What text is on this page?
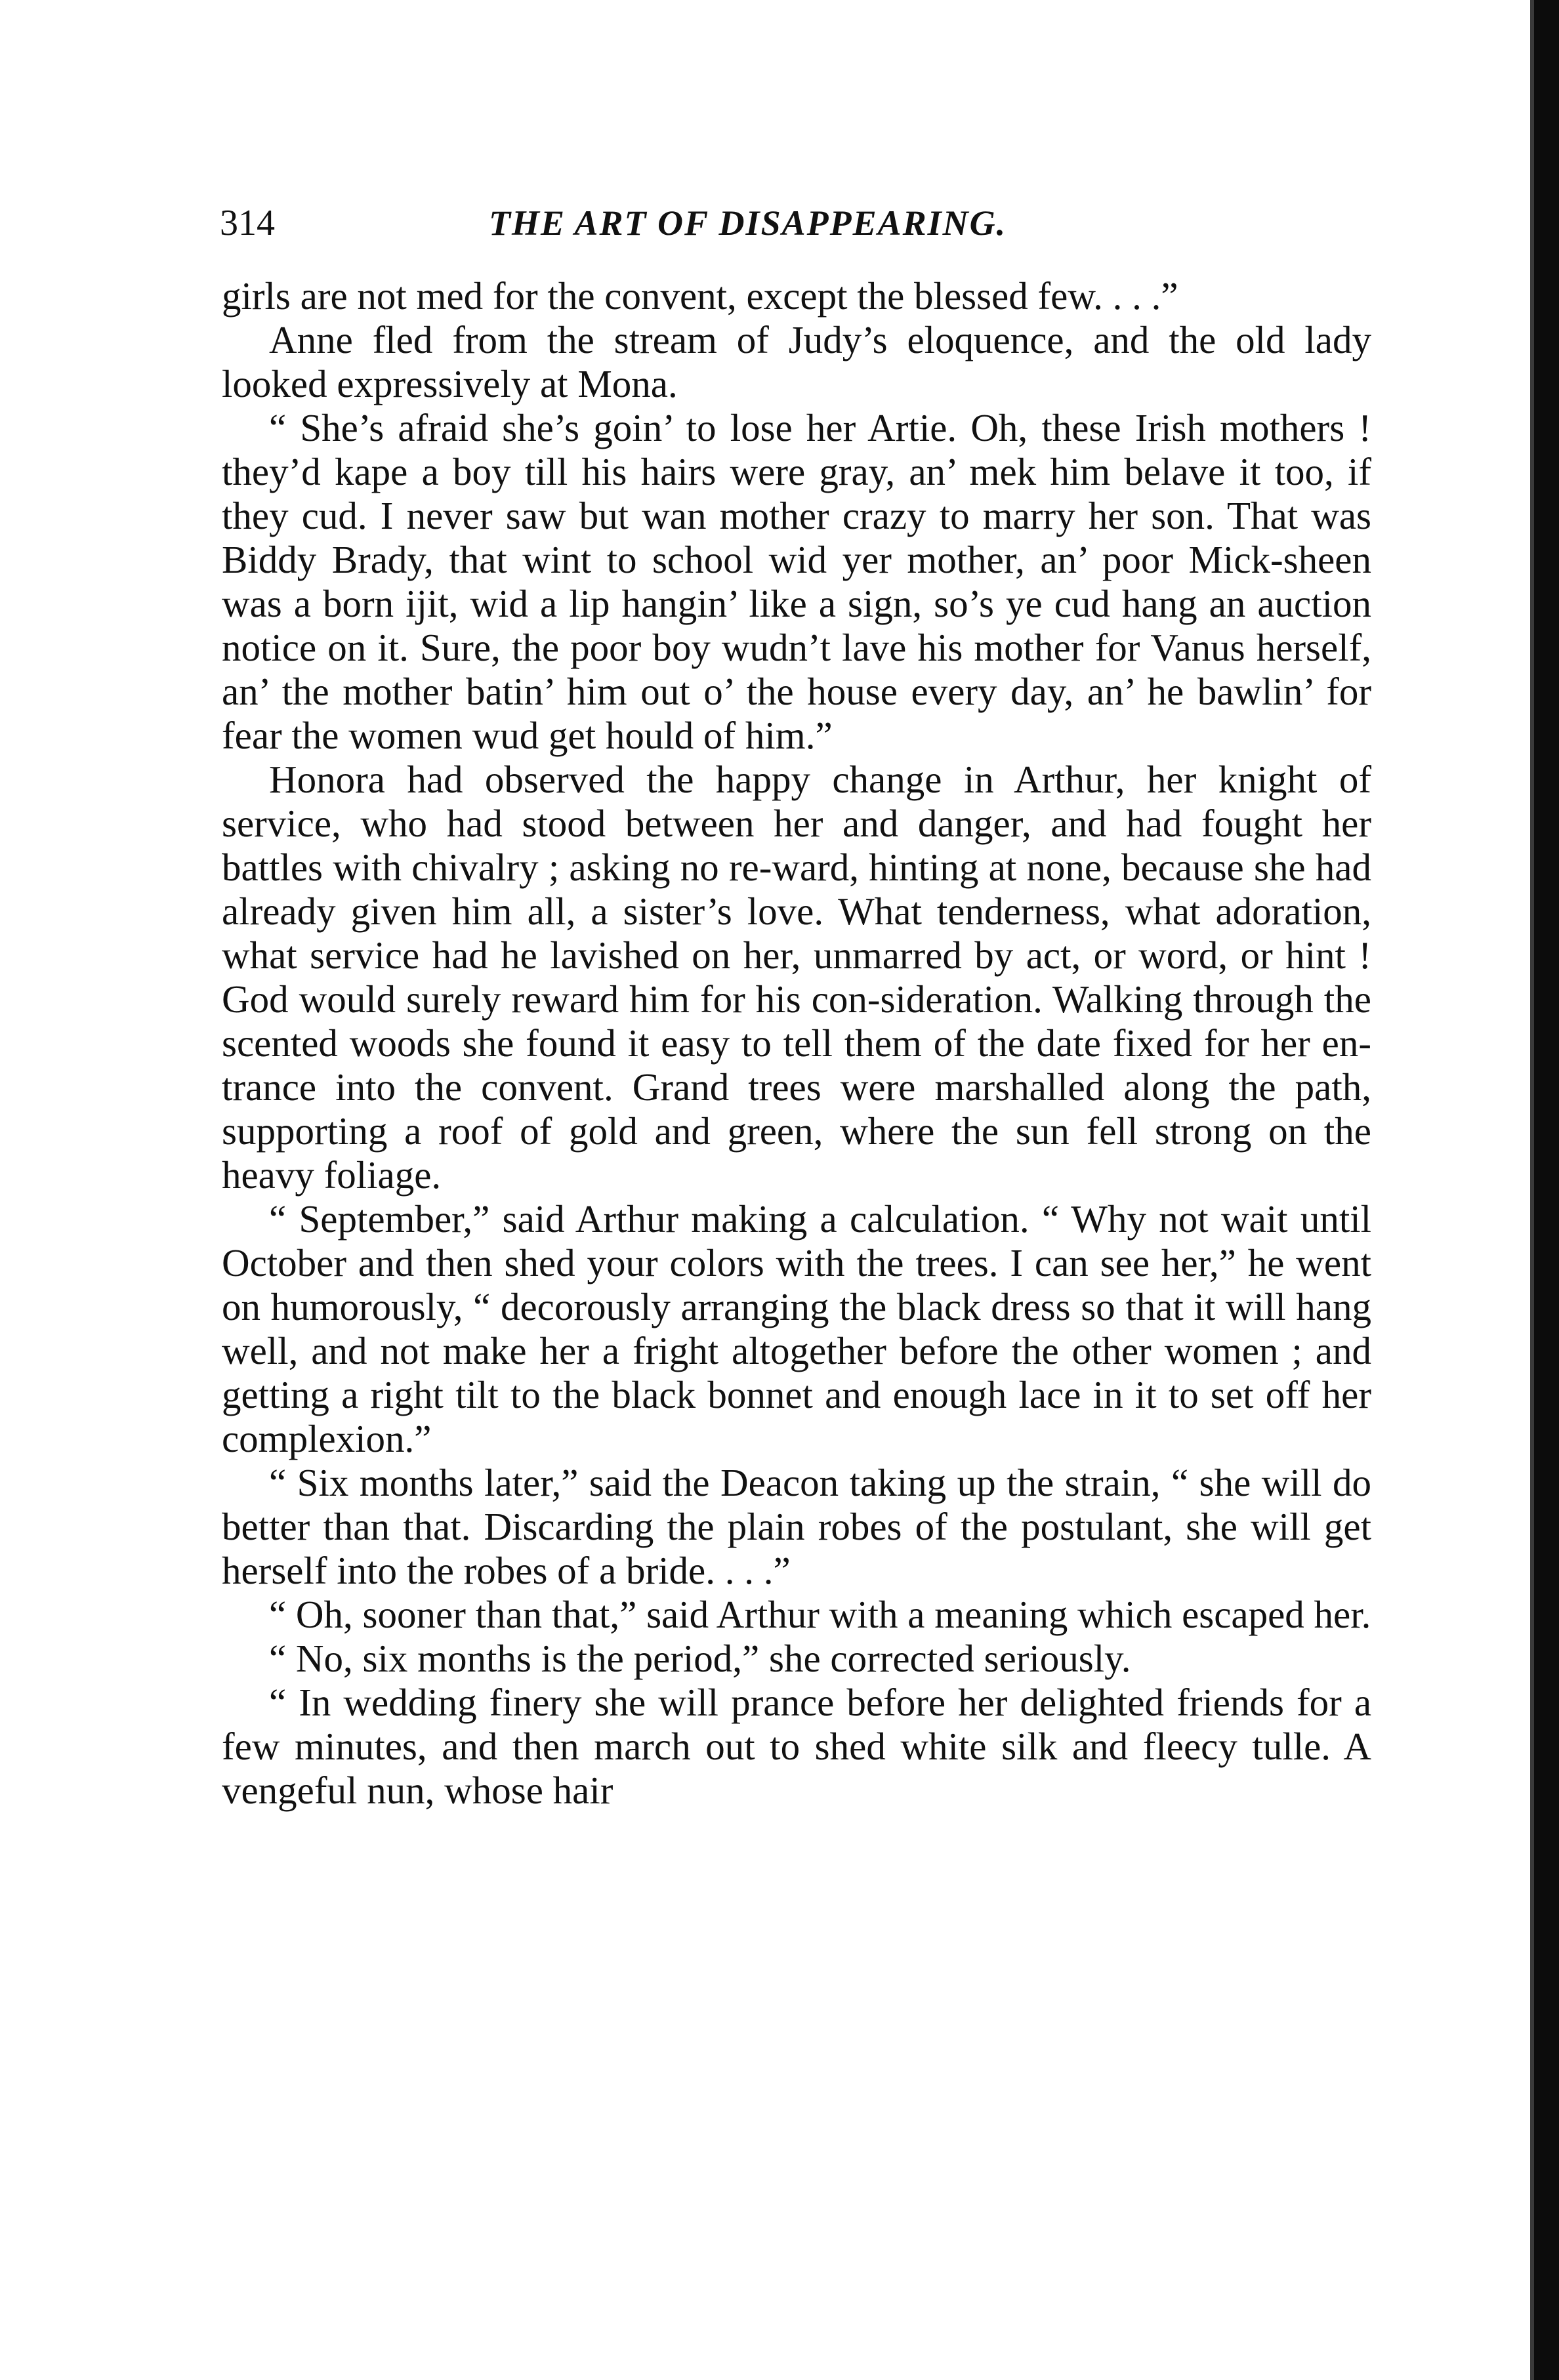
314	THE ART OF DISAPPEARING.

girls are not med for the convent, except the blessed few. . . .”

Anne fled from the stream of Judy’s eloquence, and the old lady looked expressively at Mona.

“ She’s afraid she’s goin’ to lose her Artie. Oh, these Irish mothers ! they’d kape a boy till his hairs were gray, an’ mek him belave it too, if they cud. I never saw but wan mother crazy to marry her son. That was Biddy Brady, that wint to school wid yer mother, an’ poor Mick-sheen was a born ijit, wid a lip hangin’ like a sign, so’s ye cud hang an auction notice on it. Sure, the poor boy wudn’t lave his mother for Vanus herself, an’ the mother batin’ him out o’ the house every day, an’ he bawlin’ for fear the women wud get hould of him.”

Honora had observed the happy change in Arthur, her knight of service, who had stood between her and danger, and had fought her battles with chivalry ; asking no re-ward, hinting at none, because she had already given him all, a sister’s love. What tenderness, what adoration, what service had he lavished on her, unmarred by act, or word, or hint ! God would surely reward him for his con-sideration. Walking through the scented woods she found it easy to tell them of the date fixed for her en-trance into the convent. Grand trees were marshalled along the path, supporting a roof of gold and green, where the sun fell strong on the heavy foliage.

“ September,” said Arthur making a calculation. “ Why not wait until October and then shed your colors with the trees. I can see her,” he went on humorously, “ decorously arranging the black dress so that it will hang well, and not make her a fright altogether before the other women ; and getting a right tilt to the black bonnet and enough lace in it to set off her complexion.”

“ Six months later,” said the Deacon taking up the strain, “ she will do better than that. Discarding the plain robes of the postulant, she will get herself into the robes of a bride. . . .”

“ Oh, sooner than that,” said Arthur with a meaning which escaped her.

“ No, six months is the period,” she corrected seriously.

“ In wedding finery she will prance before her delighted friends for a few minutes, and then march out to shed white silk and fleecy tulle. A vengeful nun, whose hair
